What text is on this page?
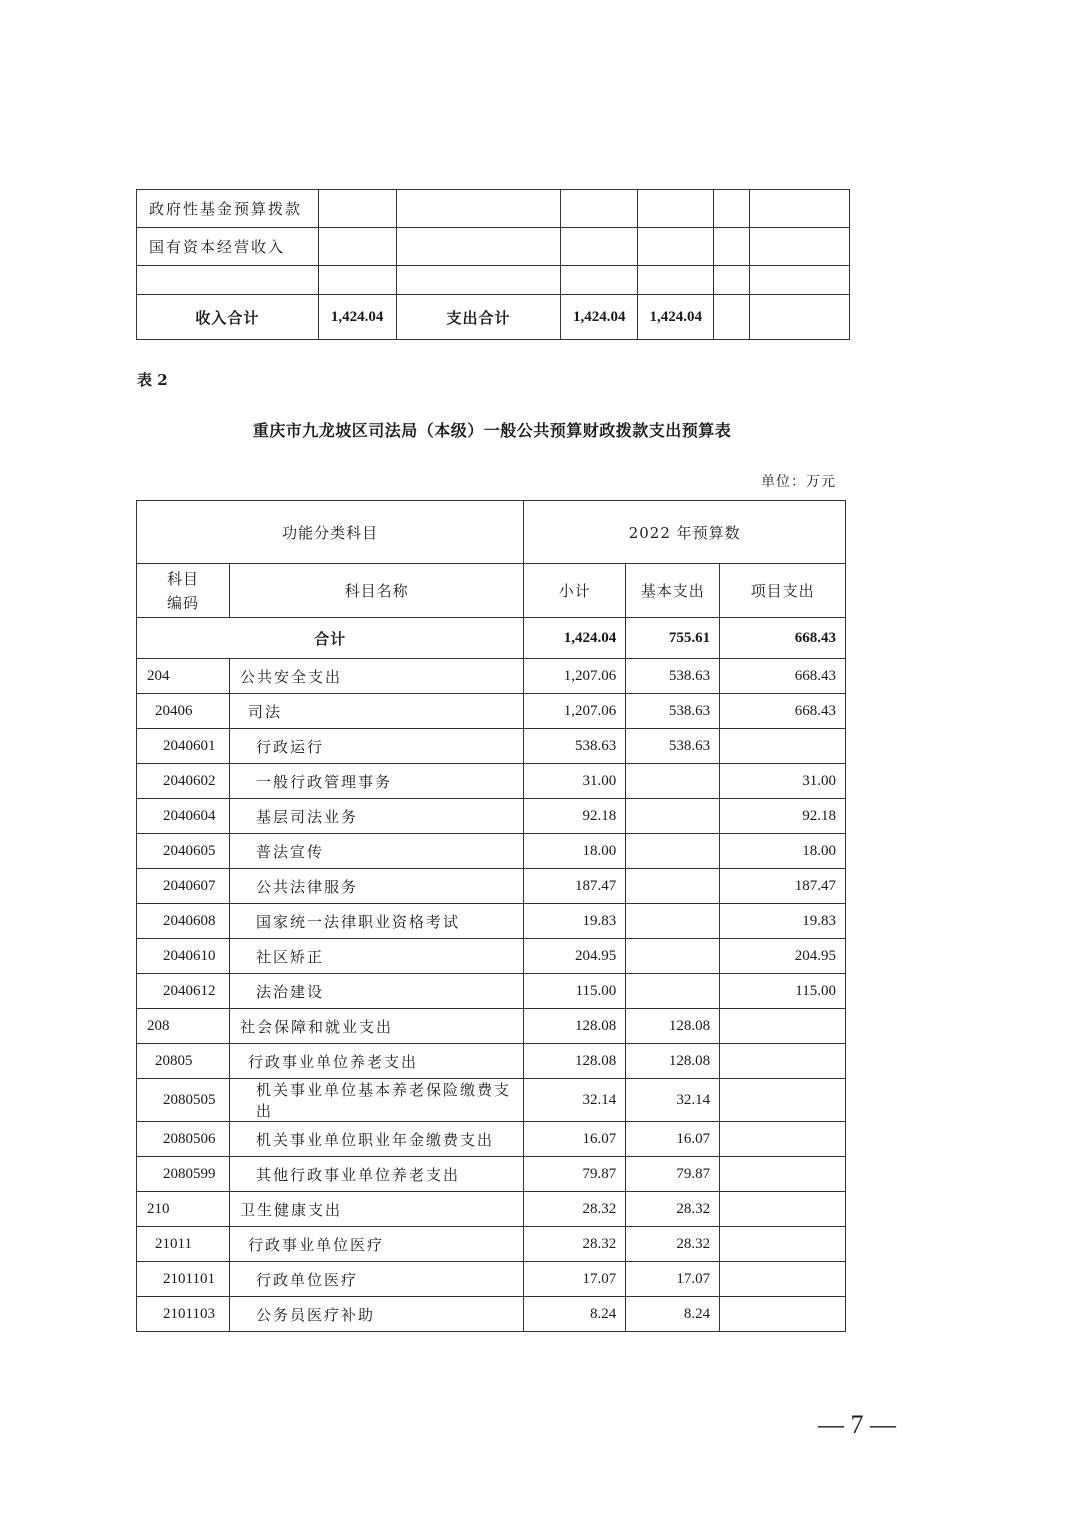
政府性基金预算拨款						
国有资本经营收入						

收入合计	1,424.04	支出合计	1,424.04	1,424.04		
表 2
重庆市九龙坡区司法局（本级）一般公共预算财政拨款支出预算表
单位：万元
功能分类科目		2022 年预算数		

科目编码	科目名称	小计	基本支出	项目支出
合计		1,424.04	755.61	668.43
204	公共安全支出	1,207.06	538.63	668.43
20406	司法	1,207.06	538.63	668.43
2040601	行政运行	538.63	538.63	
2040602	一般行政管理事务	31.00		31.00
2040604	基层司法业务	92.18		92.18
2040605	普法宣传	18.00		18.00
2040607	公共法律服务	187.47		187.47
2040608	国家统一法律职业资格考试	19.83		19.83
2040610	社区矫正	204.95		204.95
2040612	法治建设	115.00		115.00
208	社会保障和就业支出	128.08	128.08	
20805	行政事业单位养老支出	128.08	128.08	
2080505	机关事业单位基本养老保险缴费支出	32.14	32.14	
2080506	机关事业单位职业年金缴费支出	16.07	16.07	
2080599	其他行政事业单位养老支出	79.87	79.87	
210	卫生健康支出	28.32	28.32	
21011	行政事业单位医疗	28.32	28.32	
2101101	行政单位医疗	17.07	17.07	
2101103	公务员医疗补助	8.24	8.24	
— 7 —
